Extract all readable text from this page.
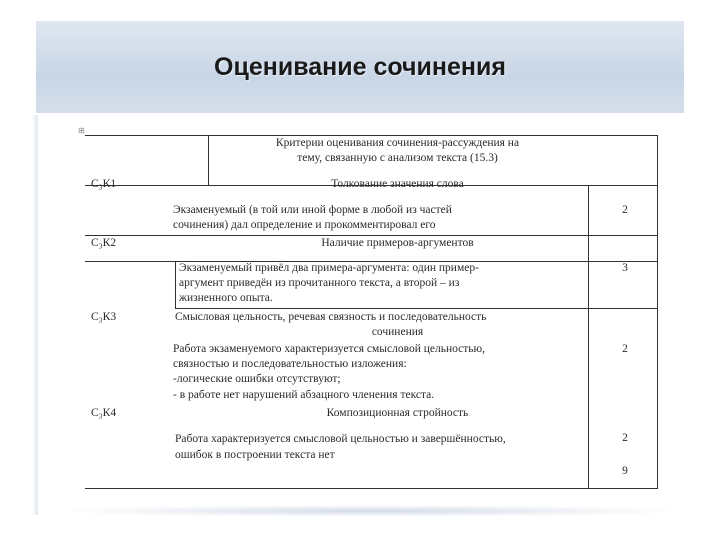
Оценивание сочинения
⊞
Критерии оценивания сочинения-рассуждения на
тему, связанную с анализом текста (15.3)
С₃К1	Толкование значения слова
Экзаменуемый (в той или иной форме в любой из частей
сочинения) дал определение и прокомментировал его
2
С₃К2	Наличие примеров-аргументов
Экзаменуемый привёл два примера-аргумента: один пример-
аргумент приведён из прочитанного текста, а второй – из
жизненного опыта.
3
С₃К3	Смысловая цельность, речевая связность и последовательность
сочинения
Работа экзаменуемого характеризуется смысловой цельностью,
связностью и последовательностью изложения:
-логические ошибки отсутствуют;
- в работе нет нарушений абзацного членения текста.
2
С₃К4	Композиционная стройность
Работа характеризуется смысловой цельностью и завершённостью,
ошибок в построении текста нет
2
9
